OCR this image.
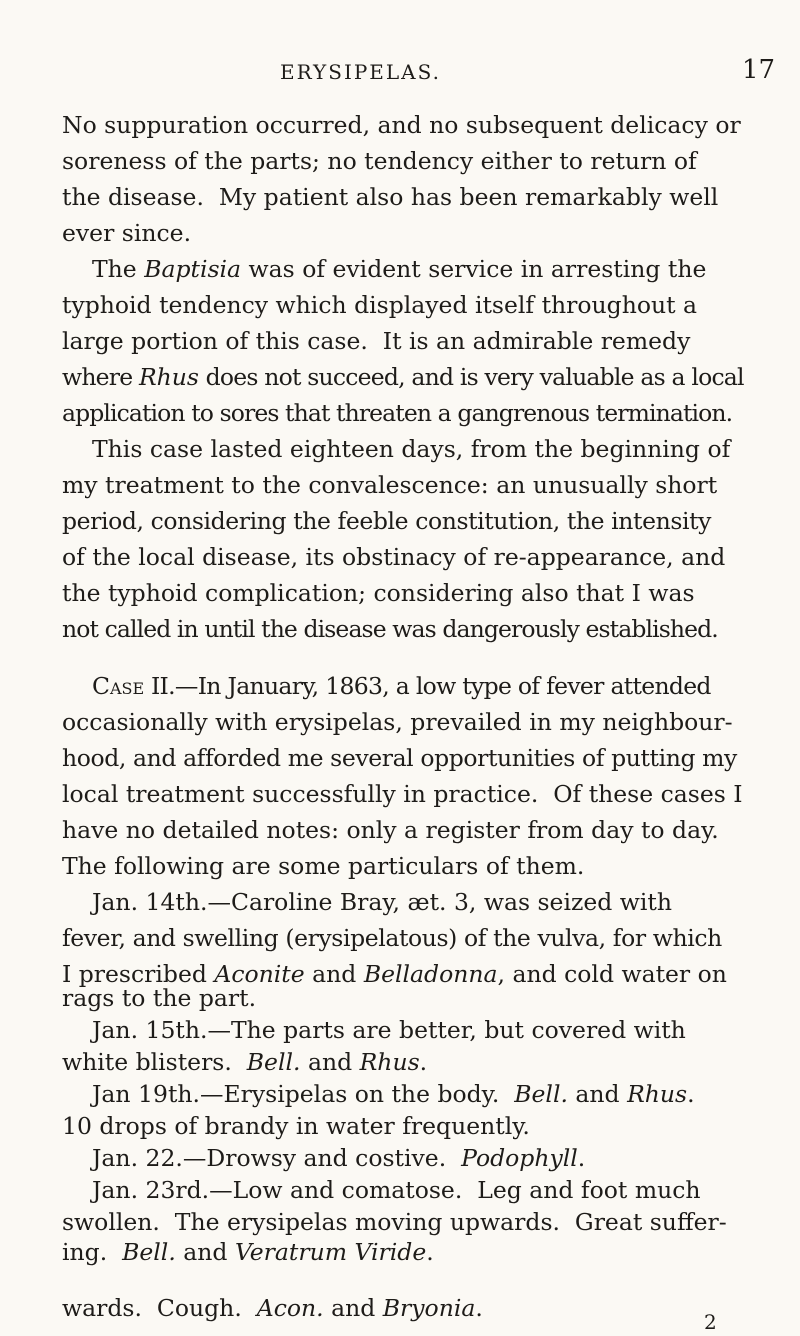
ERYSIPELAS.	17
No suppuration occurred, and no subsequent delicacy or
soreness of the parts; no tendency either to return of
the disease.  My patient also has been remarkably well
ever since.
The Baptisia was of evident service in arresting the
typhoid tendency which displayed itself throughout a
large portion of this case.  It is an admirable remedy
where Rhus does not succeed, and is very valuable as a local
application to sores that threaten a gangrenous termination.
This case lasted eighteen days, from the beginning of
my treatment to the convalescence: an unusually short
period, considering the feeble constitution, the intensity
of the local disease, its obstinacy of re-appearance, and
the typhoid complication; considering also that I was
not called in until the disease was dangerously established.
Case II.—In January, 1863, a low type of fever attended
occasionally with erysipelas, prevailed in my neighbour-
hood, and afforded me several opportunities of putting my
local treatment successfully in practice.  Of these cases I
have no detailed notes: only a register from day to day.
The following are some particulars of them.
Jan. 14th.—Caroline Bray, æt. 3, was seized with
fever, and swelling (erysipelatous) of the vulva, for which
I prescribed Aconite and Belladonna, and cold water on
rags to the part.
Jan. 15th.—The parts are better, but covered with
white blisters.  Bell. and Rhus.
Jan 19th.—Erysipelas on the body.  Bell. and Rhus.
10 drops of brandy in water frequently.
Jan. 22.—Drowsy and costive.  Podophyll.
Jan. 23rd.—Low and comatose.  Leg and foot much
swollen.  The erysipelas moving upwards.  Great suffer-
ing.  Bell. and Veratrum Viride.
wards.  Cough.  Acon. and Bryonia.	2
